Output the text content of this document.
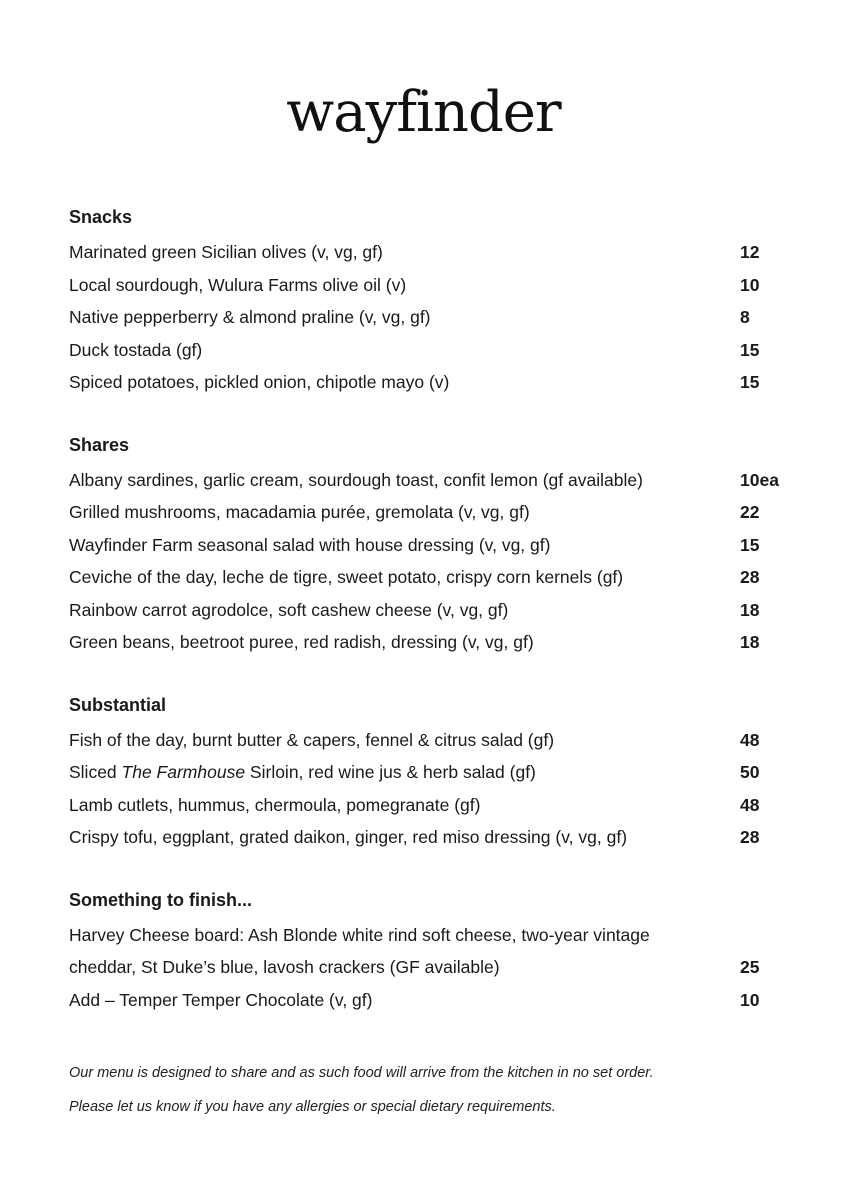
wayfinder
Snacks
Marinated green Sicilian olives (v, vg, gf)	12
Local sourdough, Wulura Farms olive oil (v)	10
Native pepperberry & almond praline (v, vg, gf)	8
Duck tostada (gf)	15
Spiced potatoes, pickled onion, chipotle mayo (v)	15
Shares
Albany sardines, garlic cream, sourdough toast, confit lemon (gf available)	10ea
Grilled mushrooms, macadamia purée, gremolata (v, vg, gf)	22
Wayfinder Farm seasonal salad with house dressing (v, vg, gf)	15
Ceviche of the day, leche de tigre, sweet potato, crispy corn kernels (gf)	28
Rainbow carrot agrodolce, soft cashew cheese (v, vg, gf)	18
Green beans, beetroot puree, red radish, dressing (v, vg, gf)	18
Substantial
Fish of the day, burnt butter & capers, fennel & citrus salad (gf)	48
Sliced The Farmhouse Sirloin, red wine jus & herb salad (gf)	50
Lamb cutlets, hummus, chermoula, pomegranate (gf)	48
Crispy tofu, eggplant, grated daikon, ginger, red miso dressing (v, vg, gf)	28
Something to finish...
Harvey Cheese board: Ash Blonde white rind soft cheese, two-year vintage
cheddar, St Duke’s blue, lavosh crackers (GF available)	25
Add – Temper Temper Chocolate (v, gf)	10
Our menu is designed to share and as such food will arrive from the kitchen in no set order.
Please let us know if you have any allergies or special dietary requirements.
